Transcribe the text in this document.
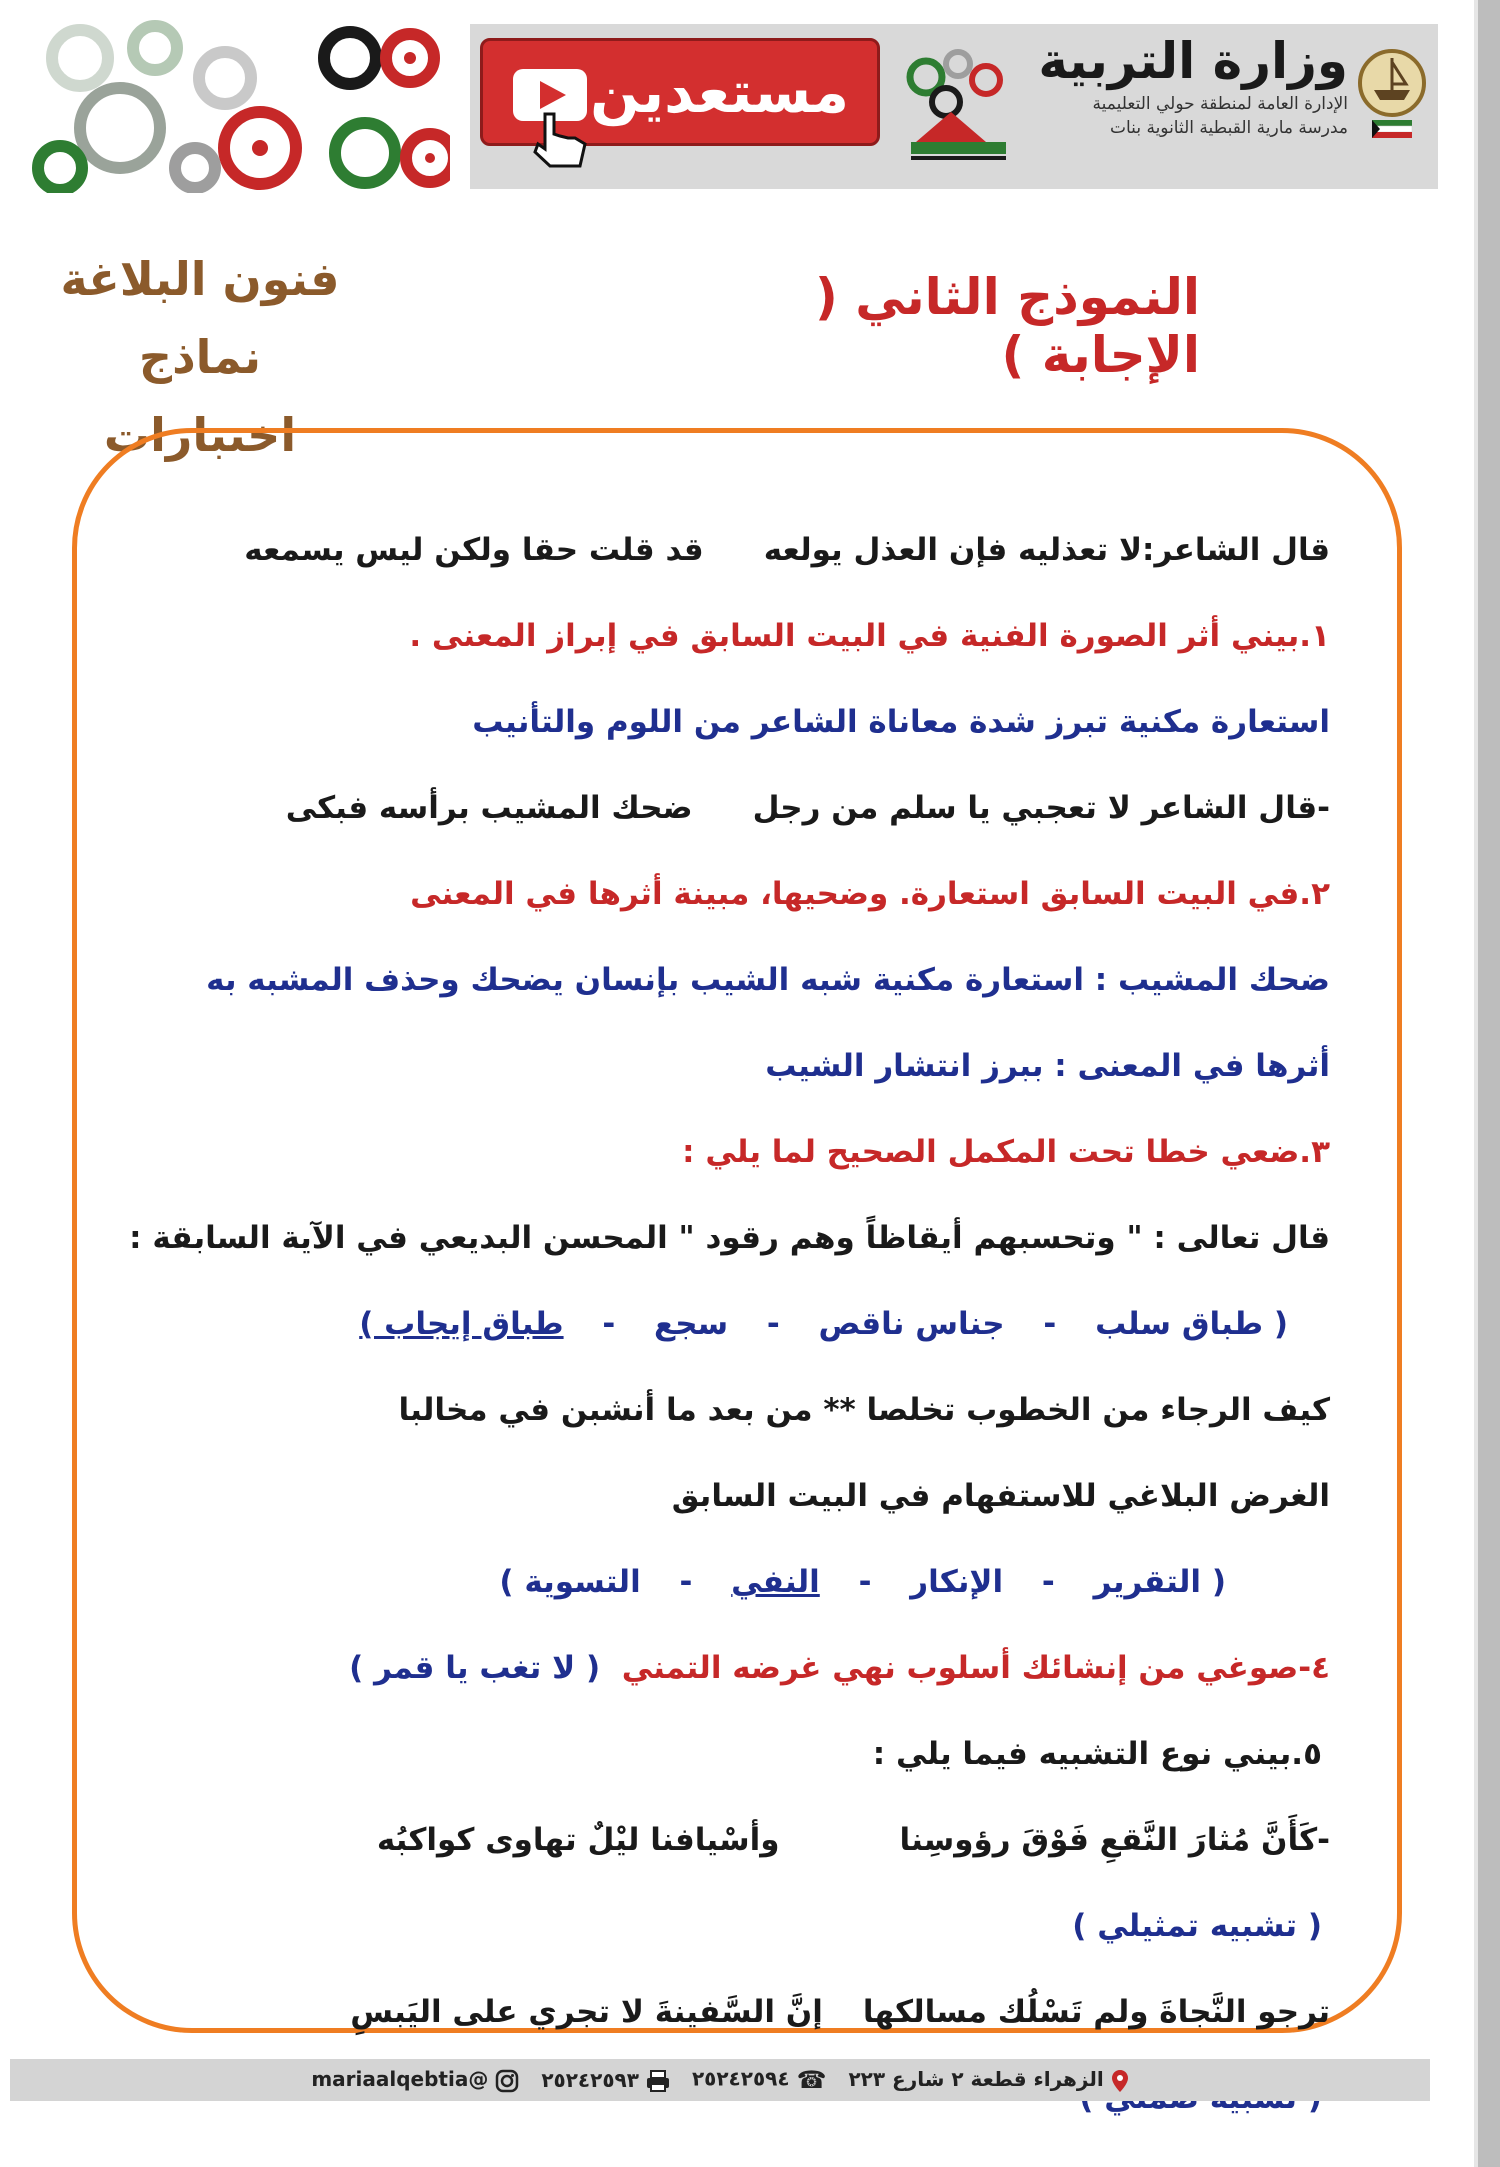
مستعدين	وزارة التربية
الإدارة العامة لمنطقة حولي التعليمية
مدرسة مارية القبطية الثانوية بنات
فنون البلاغة
نماذج اختبارات
النموذج الثاني ( الإجابة )
قال الشاعر:لا تعذليه فإن العذل يولعهقد قلت حقا ولكن ليس يسمعه
١.بيني أثر الصورة الفنية في البيت السابق في إبراز المعنى .
استعارة مكنية تبرز شدة معاناة الشاعر من اللوم والتأنيب
-قال الشاعر لا تعجبي يا سلم من رجلضحك المشيب برأسه فبكى
٢.في البيت السابق استعارة. وضحيها، مبينة أثرها في المعنى
ضحك المشيب : استعارة مكنية شبه الشيب بإنسان يضحك وحذف المشبه به
أثرها في المعنى : ببرز انتشار الشيب
٣.ضعي خطا تحت المكمل الصحيح لما يلي :
قال تعالى : " وتحسبهم أيقاظاً وهم رقود " المحسن البديعي في الآية السابقة :
( طباق سلب - جناس ناقص - سجع - طباق إيجاب )
كيف الرجاء من الخطوب تخلصا ** من بعد ما أنشبن في مخالبا
الغرض البلاغي للاستفهام في البيت السابق
( التقرير - الإنكار - النفي - التسوية )
٤-صوغي من إنشائك أسلوب نهي غرضه التمني  ( لا تغب يا قمر )
٥.بيني نوع التشبيه فيما يلي :
-كَأَنَّ مُثارَ النَّقعِ فَوْقَ رؤوسِناوأسْيافنا ليْلٌ تهاوى كواكبُه
( تشبيه تمثيلي )
ترجو النَّجاةَ ولم تَسْلُك مسالكهاإنَّ السَّفينةَ لا تجري على اليَبسِ
الزهراء قطعة ٢ شارع ٢٢٣
☎ ٢٥٢٤٢٥٩٤
٢٥٢٤٢٥٩٣
@mariaalqebtia
